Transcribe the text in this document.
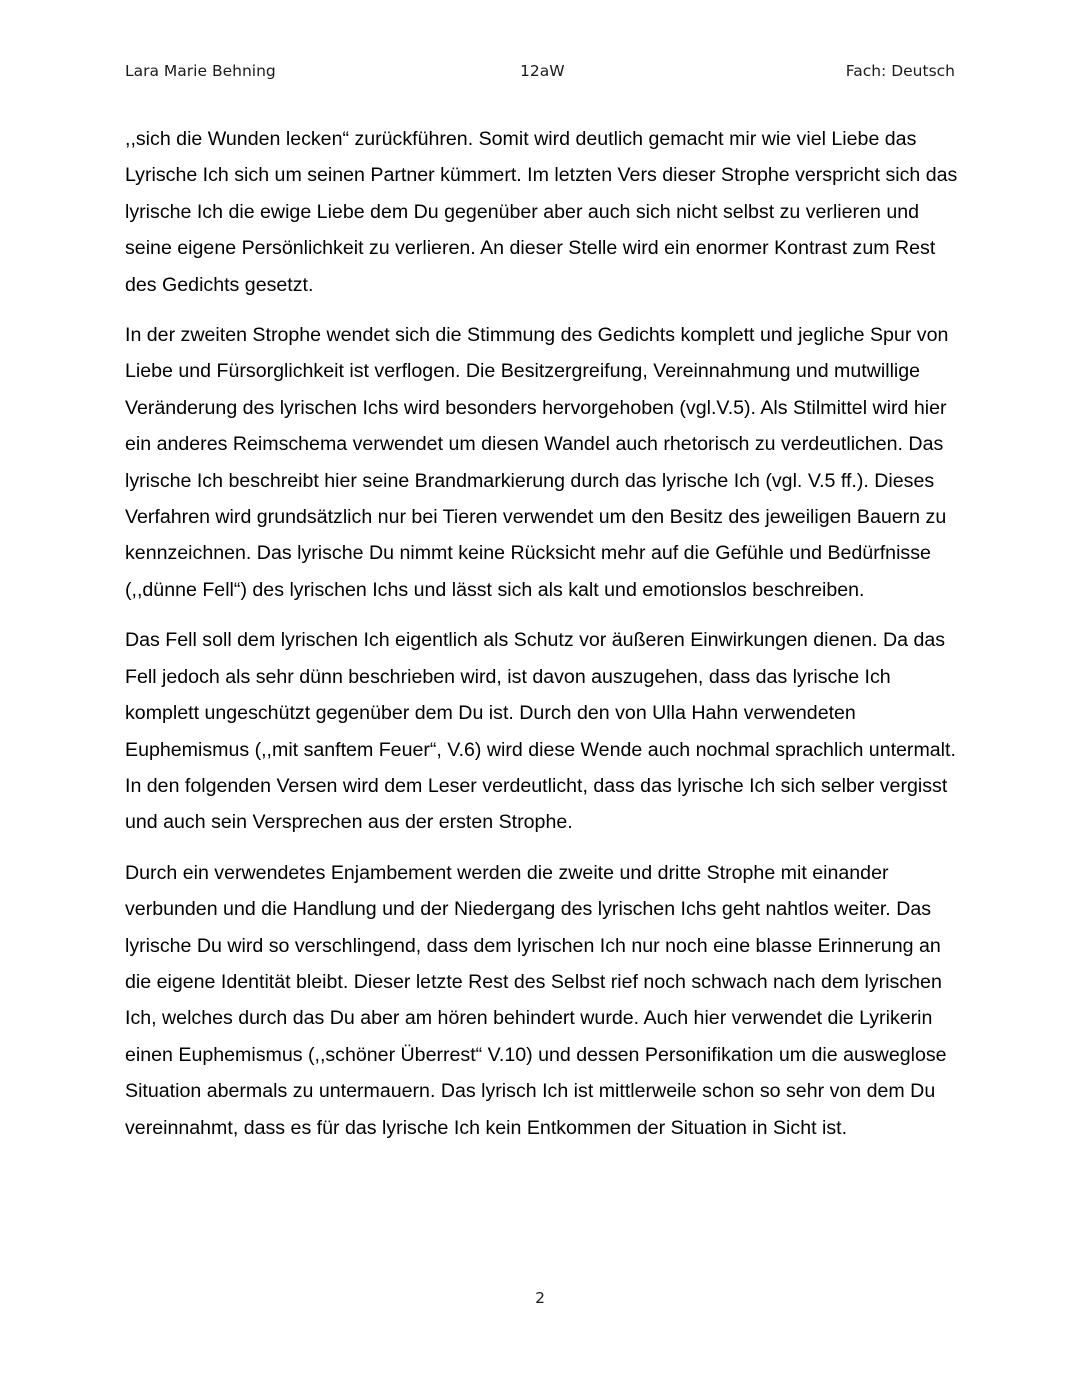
Lara Marie Behning	12aW	Fach: Deutsch

,,sich die Wunden lecken“ zurückführen. Somit wird deutlich gemacht mir wie viel Liebe das Lyrische Ich sich um seinen Partner kümmert. Im letzten Vers dieser Strophe verspricht sich das lyrische Ich die ewige Liebe dem Du gegenüber aber auch sich nicht selbst zu verlieren und seine eigene Persönlichkeit zu verlieren. An dieser Stelle wird ein enormer Kontrast zum Rest des Gedichts gesetzt.

In der zweiten Strophe wendet sich die Stimmung des Gedichts komplett und jegliche Spur von Liebe und Fürsorglichkeit ist verflogen. Die Besitzergreifung, Vereinnahmung und mutwillige Veränderung des lyrischen Ichs wird besonders hervorgehoben (vgl.V.5). Als Stilmittel wird hier ein anderes Reimschema verwendet um diesen Wandel auch rhetorisch zu verdeutlichen. Das lyrische Ich beschreibt hier seine Brandmarkierung durch das lyrische Ich (vgl. V.5 ff.). Dieses Verfahren wird grundsätzlich nur bei Tieren verwendet um den Besitz des jeweiligen Bauern zu kennzeichnen. Das lyrische Du nimmt keine Rücksicht mehr auf die Gefühle und Bedürfnisse (,,dünne Fell“) des lyrischen Ichs und lässt sich als kalt und emotionslos beschreiben.

Das Fell soll dem lyrischen Ich eigentlich als Schutz vor äußeren Einwirkungen dienen. Da das Fell jedoch als sehr dünn beschrieben wird, ist davon auszugehen, dass das lyrische Ich komplett ungeschützt gegenüber dem Du ist. Durch den von Ulla Hahn verwendeten Euphemismus (,,mit sanftem Feuer“, V.6) wird diese Wende auch nochmal sprachlich untermalt. In den folgenden Versen wird dem Leser verdeutlicht, dass das lyrische Ich sich selber vergisst und auch sein Versprechen aus der ersten Strophe.

Durch ein verwendetes Enjambement werden die zweite und dritte Strophe mit einander verbunden und die Handlung und der Niedergang des lyrischen Ichs geht nahtlos weiter. Das lyrische Du wird so verschlingend, dass dem lyrischen Ich nur noch eine blasse Erinnerung an die eigene Identität bleibt. Dieser letzte Rest des Selbst rief noch schwach nach dem lyrischen Ich, welches durch das Du aber am hören behindert wurde. Auch hier verwendet die Lyrikerin einen Euphemismus (,,schöner Überrest“ V.10) und dessen Personifikation um die ausweglose Situation abermals zu untermauern. Das lyrisch Ich ist mittlerweile schon so sehr von dem Du vereinnahmt, dass es für das lyrische Ich kein Entkommen der Situation in Sicht ist.

2
